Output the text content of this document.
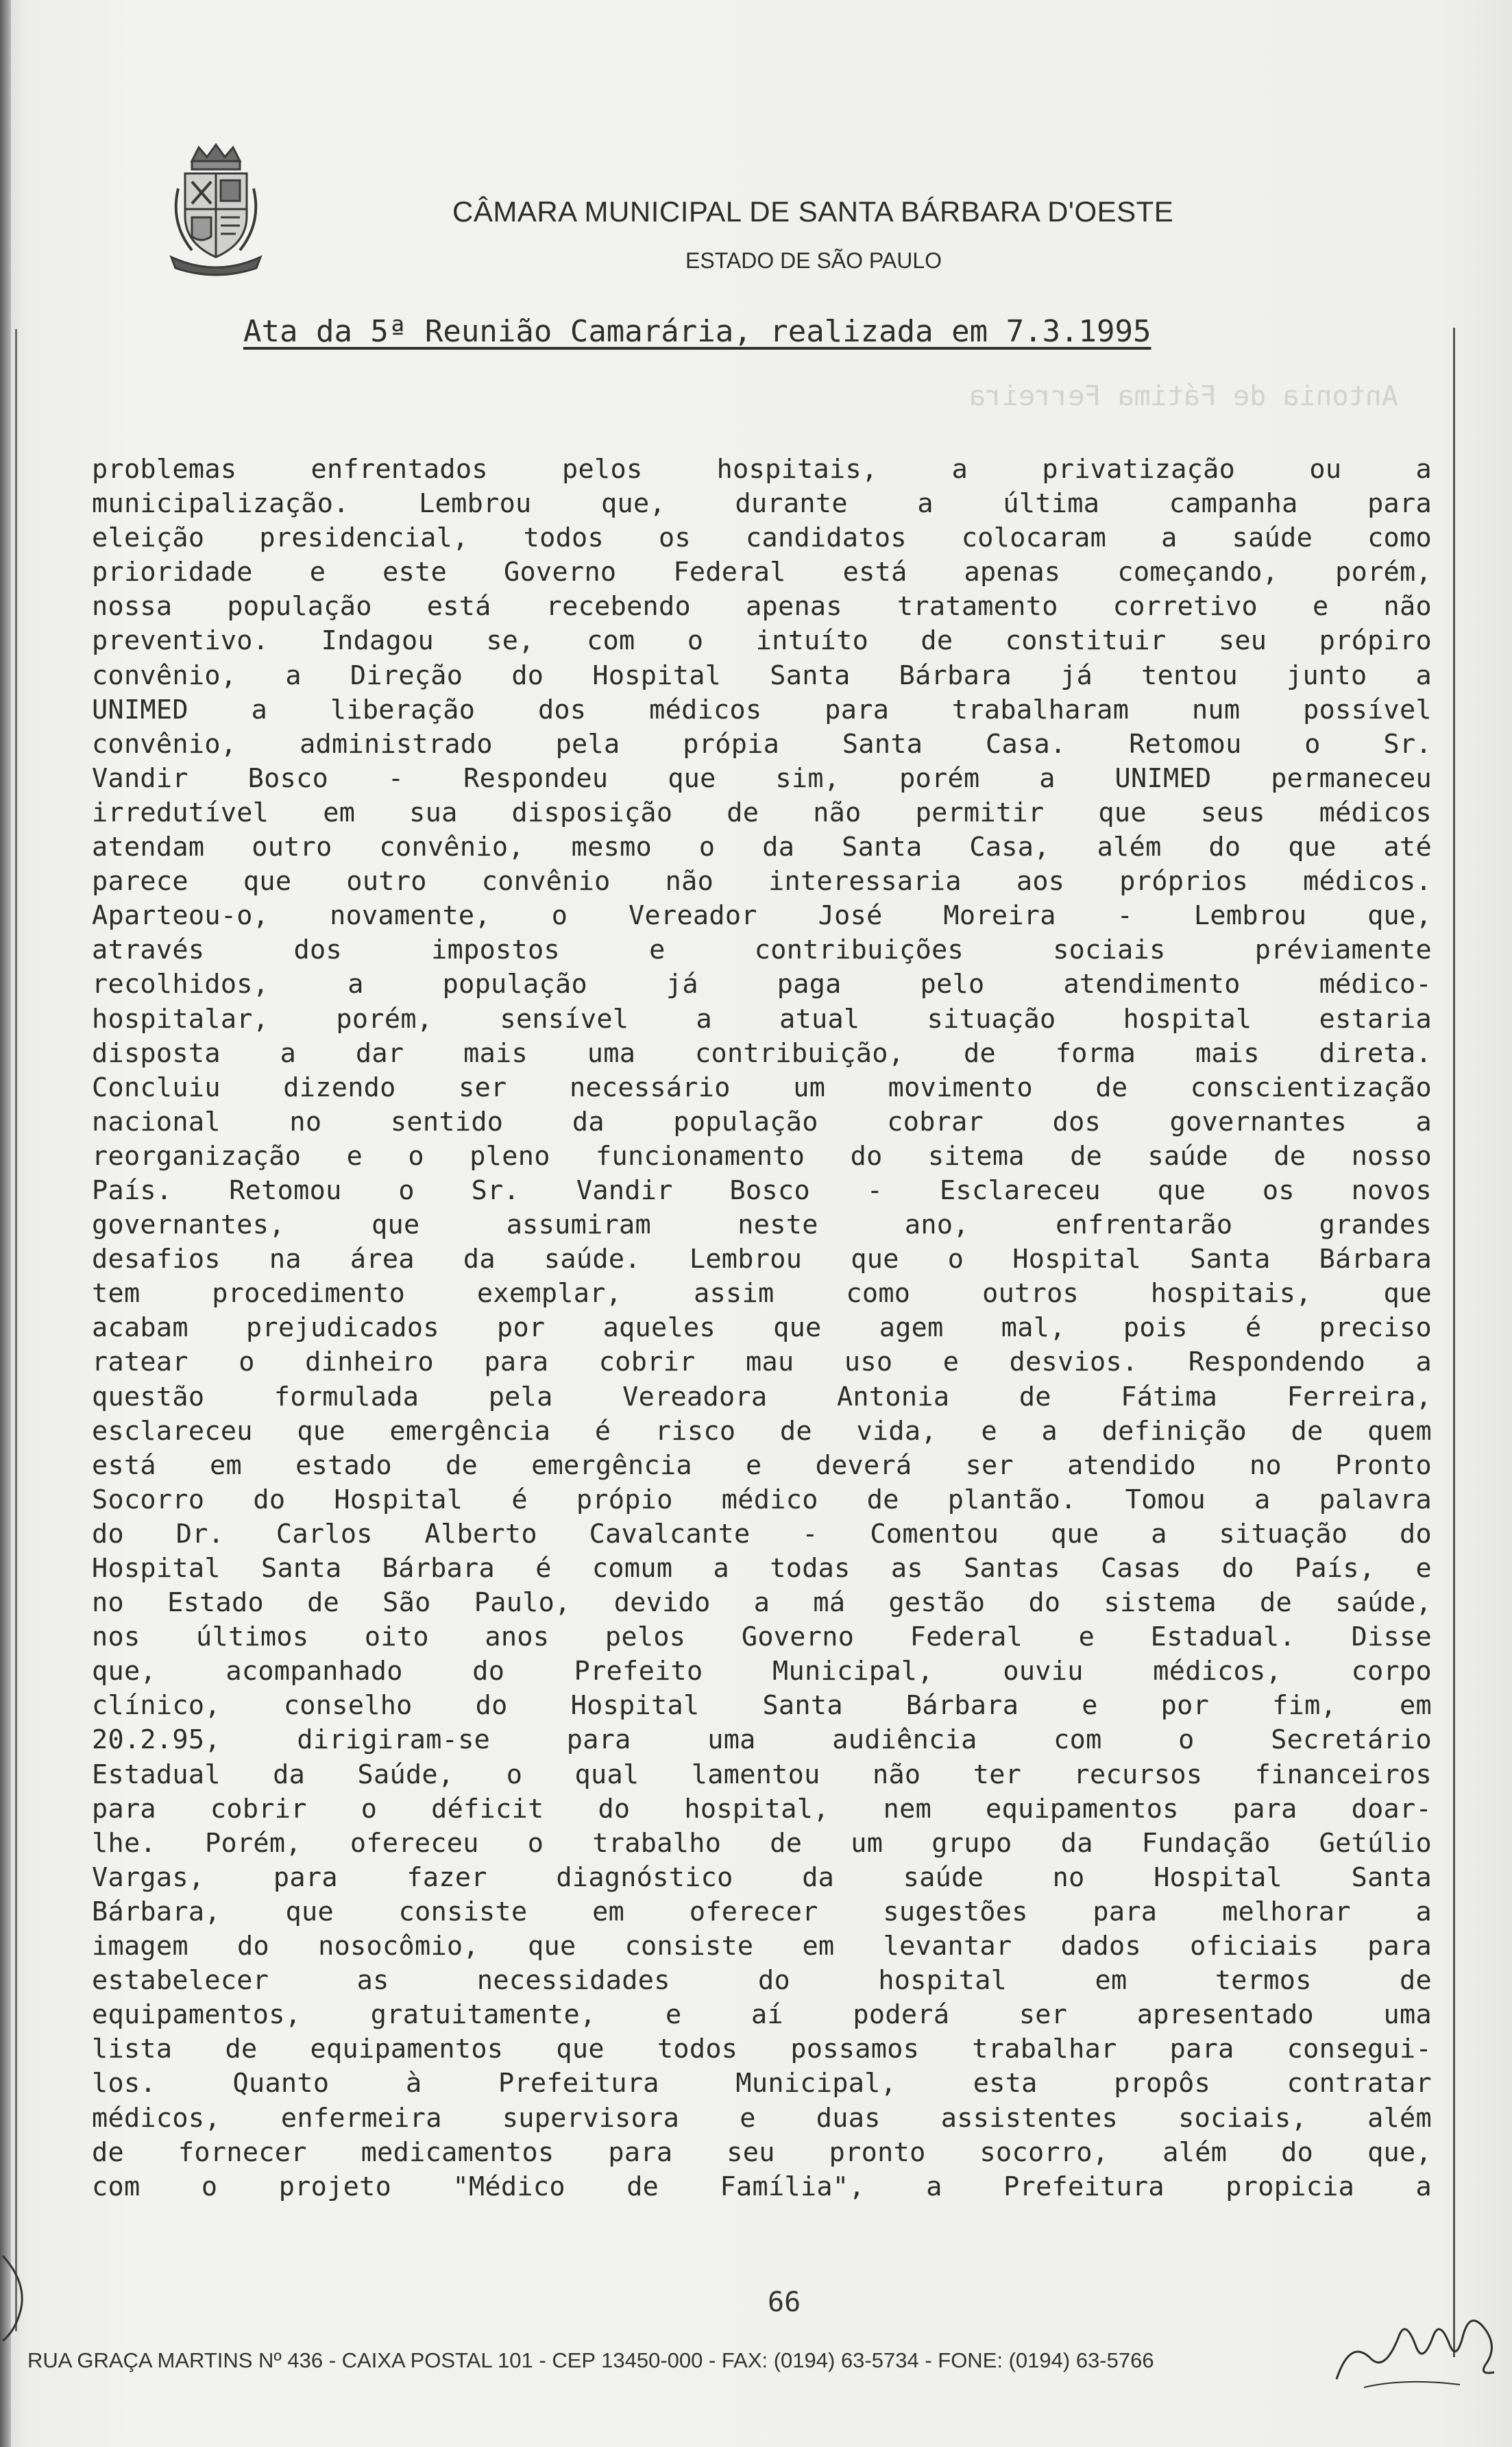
CÂMARA MUNICIPAL DE SANTA BÁRBARA D'OESTE
ESTADO DE SÃO PAULO
Ata da 5ª Reunião Camarária, realizada em 7.3.1995
Antonia de Fátima Ferreira
problemas enfrentados pelos hospitais, a privatização ou a
municipalização. Lembrou que, durante a última campanha para
eleição presidencial, todos os candidatos colocaram a saúde como
prioridade e este Governo Federal está apenas começando, porém,
nossa população está recebendo apenas tratamento corretivo e não
preventivo. Indagou se, com o intuíto de constituir seu própiro
convênio, a Direção do Hospital Santa Bárbara já tentou junto a
UNIMED a liberação dos médicos para trabalharam num possível
convênio, administrado pela própia Santa Casa. Retomou o Sr.
Vandir Bosco - Respondeu que sim, porém a UNIMED permaneceu
irredutível em sua disposição de não permitir que seus médicos
atendam outro convênio, mesmo o da Santa Casa, além do que até
parece que outro convênio não interessaria aos próprios médicos.
Aparteou-o, novamente, o Vereador José Moreira - Lembrou que,
através dos impostos e contribuições sociais préviamente
recolhidos, a população já paga pelo atendimento médico-
hospitalar, porém, sensível a atual situação hospital estaria
disposta a dar mais uma contribuição, de forma mais direta.
Concluiu dizendo ser necessário um movimento de conscientização
nacional no sentido da população cobrar dos governantes a
reorganização e o pleno funcionamento do sitema de saúde de nosso
País. Retomou o Sr. Vandir Bosco - Esclareceu que os novos
governantes, que assumiram neste ano, enfrentarão grandes
desafios na área da saúde. Lembrou que o Hospital Santa Bárbara
tem procedimento exemplar, assim como outros hospitais, que
acabam prejudicados por aqueles que agem mal, pois é preciso
ratear o dinheiro para cobrir mau uso e desvios. Respondendo a
questão formulada pela Vereadora Antonia de Fátima Ferreira,
esclareceu que emergência é risco de vida, e a definição de quem
está em estado de emergência e deverá ser atendido no Pronto
Socorro do Hospital é própio médico de plantão. Tomou a palavra
do Dr. Carlos Alberto Cavalcante - Comentou que a situação do
Hospital Santa Bárbara é comum a todas as Santas Casas do País, e
no Estado de São Paulo, devido a má gestão do sistema de saúde,
nos últimos oito anos pelos Governo Federal e Estadual. Disse
que, acompanhado do Prefeito Municipal, ouviu médicos, corpo
clínico, conselho do Hospital Santa Bárbara e por fim, em
20.2.95, dirigiram-se para uma audiência com o Secretário
Estadual da Saúde, o qual lamentou não ter recursos financeiros
para cobrir o déficit do hospital, nem equipamentos para doar-
lhe. Porém, ofereceu o trabalho de um grupo da Fundação Getúlio
Vargas, para fazer diagnóstico da saúde no Hospital Santa
Bárbara, que consiste em oferecer sugestões para melhorar a
imagem do nosocômio, que consiste em levantar dados oficiais para
estabelecer as necessidades do hospital em termos de
equipamentos, gratuitamente, e aí poderá ser apresentado uma
lista de equipamentos que todos possamos trabalhar para consegui-
los. Quanto à Prefeitura Municipal, esta propôs contratar
médicos, enfermeira supervisora e duas assistentes sociais, além
de fornecer medicamentos para seu pronto socorro, além do que,
com o projeto "Médico de Família", a Prefeitura propicia a
66
RUA GRAÇA MARTINS Nº 436 - CAIXA POSTAL 101 - CEP 13450-000 - FAX: (0194) 63-5734 - FONE: (0194) 63-5766
